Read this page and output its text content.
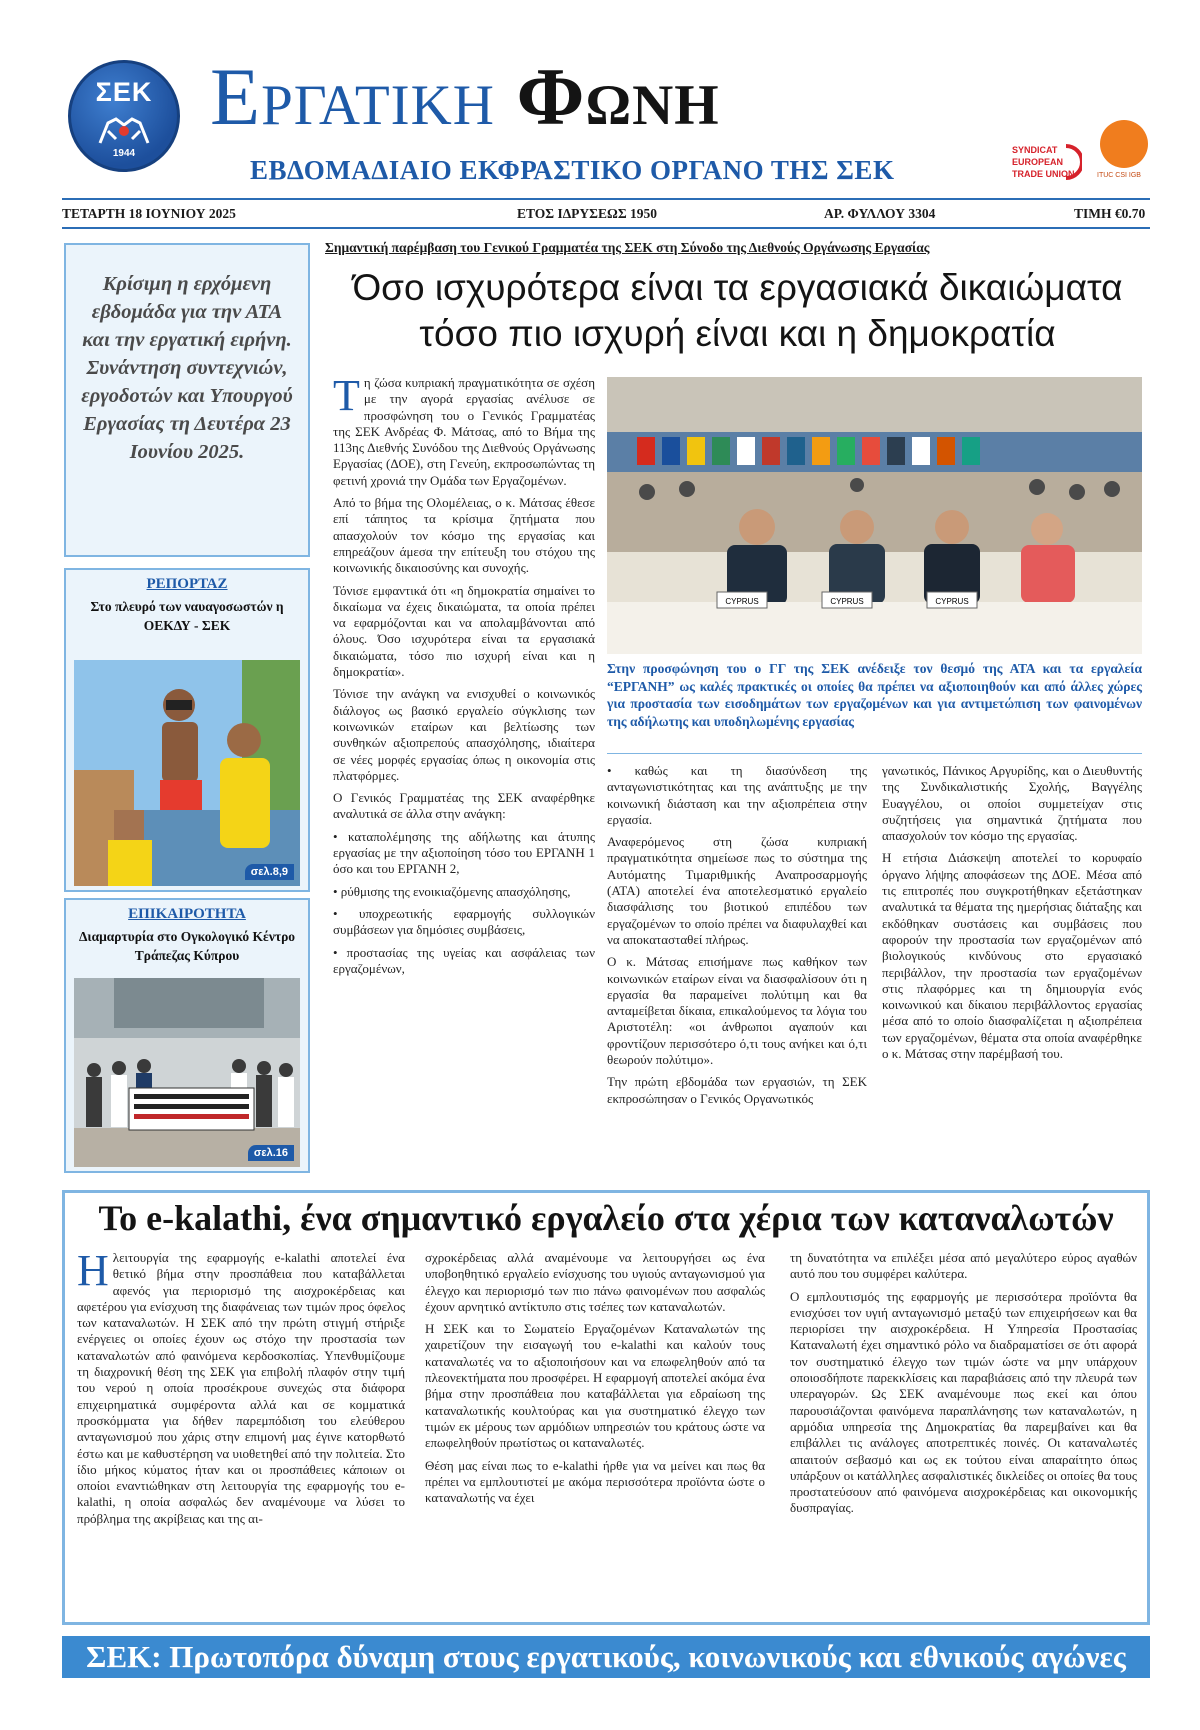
ΣΕΚ
1944
Εργατικη Φωνη
ΕΒΔΟΜΑΔΙΑΙΟ ΕΚΦΡΑΣΤΙΚΟ ΟΡΓΑΝΟ ΤΗΣ ΣΕΚ
SYNDICAT
EUROPEAN
TRADE UNION	ITUC CSI IGB
ΤΕΤΑΡΤΗ 18 ΙΟΥΝΙΟΥ 2025	ΕΤΟΣ ΙΔΡΥΣΕΩΣ 1950	ΑΡ. ΦΥΛΛΟΥ 3304	ΤΙΜΗ €0.70
Κρίσιμη η ερχόμενη εβδομάδα για την ΑΤΑ και την εργατική ειρήνη. Συνάντηση συντεχνιών, εργοδοτών και Υπουργού Εργασίας τη Δευτέρα 23 Ιουνίου 2025.
ΡΕΠΟΡΤΑΖ
Στο πλευρό των ναυαγοσωστών η ΟΕΚΔΥ - ΣΕΚ
σελ.8,9
ΕΠΙΚΑΙΡΟΤΗΤΑ
Διαμαρτυρία στο Ογκολογικό Κέντρο Τράπεζας Κύπρου
σελ.16
Σημαντική παρέμβαση του Γενικού Γραμματέα της ΣΕΚ στη Σύνοδο της Διεθνούς Οργάνωσης Εργασίας
Όσο ισχυρότερα είναι τα εργασιακά δικαιώματα
τόσο πιο ισχυρή είναι και η δημοκρατία

Τη ζώσα κυπριακή πραγματικότητα σε σχέση με την αγορά εργασίας ανέλυσε σε προσφώνηση του ο Γενικός Γραμματέας της ΣΕΚ Ανδρέας Φ. Μάτσας, από το Βήμα της 113ης Διεθνής Συνόδου της Διεθνούς Οργάνωσης Εργασίας (ΔΟΕ), στη Γενεύη, εκπροσωπώντας τη φετινή χρονιά την Ομάδα των Εργαζομένων.

Από το βήμα της Ολομέλειας, ο κ. Μάτσας έθεσε επί τάπητος τα κρίσιμα ζητήματα που απασχολούν τον κόσμο της εργασίας και επηρεάζουν άμεσα την επίτευξη του στόχου της κοινωνικής δικαιοσύνης και συνοχής.

Τόνισε εμφαντικά ότι «η δημοκρατία σημαίνει το δικαίωμα να έχεις δικαιώματα, τα οποία πρέπει να εφαρμόζονται και να απολαμβάνονται από όλους. Όσο ισχυρότερα είναι τα εργασιακά δικαιώματα, τόσο πιο ισχυρή είναι και η δημοκρατία».

Τόνισε την ανάγκη να ενισχυθεί ο κοινωνικός διάλογος ως βασικό εργαλείο σύγκλισης των κοινωνικών εταίρων και βελτίωσης των συνθηκών αξιοπρεπούς απασχόλησης, ιδιαίτερα σε νέες μορφές εργασίας όπως η οικονομία στις πλατφόρμες.

Ο Γενικός Γραμματέας της ΣΕΚ αναφέρθηκε αναλυτικά σε άλλα στην ανάγκη:

• καταπολέμησης της αδήλωτης και άτυπης εργασίας με την αξιοποίηση τόσο του ΕΡΓΑΝΗ 1 όσο και του ΕΡΓΑΝΗ 2,

• ρύθμισης της ενοικιαζόμενης απασχόλησης,

• υποχρεωτικής εφαρμογής συλλογικών συμβάσεων για δημόσιες συμβάσεις,

• προστασίας της υγείας και ασφάλειας των εργαζομένων,

CYPRUS	CYPRUS	CYPRUS
Στην προσφώνηση του ο ΓΓ της ΣΕΚ ανέδειξε τον θεσμό της ΑΤΑ και τα εργαλεία “ΕΡΓΑΝΗ” ως καλές πρακτικές οι οποίες θα πρέπει να αξιοποιηθούν και από άλλες χώρες για προστασία των εισοδημάτων των εργαζομένων και για αντιμετώπιση των φαινομένων της αδήλωτης και υποδηλωμένης εργασίας

• καθώς και τη διασύνδεση της ανταγωνιστικότητας και της ανάπτυξης με την κοινωνική διάσταση και την αξιοπρέπεια στην εργασία.

Αναφερόμενος στη ζώσα κυπριακή πραγματικότητα σημείωσε πως το σύστημα της Αυτόματης Τιμαριθμικής Αναπροσαρμογής (ΑΤΑ) αποτελεί ένα αποτελεσματικό εργαλείο διασφάλισης του βιοτικού επιπέδου των εργαζομένων το οποίο πρέπει να διαφυλαχθεί και να αποκατασταθεί πλήρως.

Ο κ. Μάτσας επισήμανε πως καθήκον των κοινωνικών εταίρων είναι να διασφαλίσουν ότι η εργασία θα παραμείνει πολύτιμη και θα ανταμείβεται δίκαια, επικαλούμενος τα λόγια του Αριστοτέλη: «οι άνθρωποι αγαπούν και φροντίζουν περισσότερο ό,τι τους ανήκει και ό,τι θεωρούν πολύτιμο».

Την πρώτη εβδομάδα των εργασιών, τη ΣΕΚ εκπροσώπησαν ο Γενικός Οργανωτικός

γανωτικός, Πάνικος Αργυρίδης, και ο Διευθυντής της Συνδικαλιστικής Σχολής, Βαγγέλης Ευαγγέλου, οι οποίοι συμμετείχαν στις συζητήσεις για σημαντικά ζητήματα που απασχολούν τον κόσμο της εργασίας.

Η ετήσια Διάσκεψη αποτελεί το κορυφαίο όργανο λήψης αποφάσεων της ΔΟΕ. Μέσα από τις επιτροπές που συγκροτήθηκαν εξετάστηκαν αναλυτικά τα θέματα της ημερήσιας διάταξης και εκδόθηκαν συστάσεις και συμβάσεις που αφορούν την προστασία των εργαζομένων από βιολογικούς κινδύνους στο εργασιακό περιβάλλον, την προστασία των εργαζομένων στις πλαφόρμες και τη δημιουργία ενός κοινωνικού και δίκαιου περιβάλλοντος εργασίας μέσα από το οποίο διασφαλίζεται η αξιοπρέπεια των εργαζομένων, θέματα στα οποία αναφέρθηκε ο κ. Μάτσας στην παρέμβασή του.

Το e-kalathi, ένα σημαντικό εργαλείο στα χέρια των καταναλωτών

Ηλειτουργία της εφαρμογής e-kalathi αποτελεί ένα θετικό βήμα στην προσπάθεια που καταβάλλεται αφενός για περιορισμό της αισχροκέρδειας και αφετέρου για ενίσχυση της διαφάνειας των τιμών προς όφελος των καταναλωτών. Η ΣΕΚ από την πρώτη στιγμή στήριξε ενέργειες οι οποίες έχουν ως στόχο την προστασία των καταναλωτών από φαινόμενα κερδοσκοπίας. Υπενθυμίζουμε τη διαχρονική θέση της ΣΕΚ για επιβολή πλαφόν στην τιμή του νερού η οποία προσέκρουε συνεχώς στα διάφορα επιχειρηματικά συμφέροντα αλλά και σε κομματικά προσκόμματα για δήθεν παρεμπόδιση του ελεύθερου ανταγωνισμού που χάρις στην επιμονή μας έγινε κατορθωτό έστω και με καθυστέρηση να υιοθετηθεί από την πολιτεία. Στο ίδιο μήκος κύματος ήταν και οι προσπάθειες κάποιων οι οποίοι εναντιώθηκαν στη λειτουργία της εφαρμογής του e-kalathi, η οποία ασφαλώς δεν αναμένουμε να λύσει το πρόβλημα της ακρίβειας και της αι-

σχροκέρδειας αλλά αναμένουμε να λειτουργήσει ως ένα υποβοηθητικό εργαλείο ενίσχυσης του υγιούς ανταγωνισμού για έλεγχο και περιορισμό των πιο πάνω φαινομένων που ασφαλώς έχουν αρνητικό αντίκτυπο στις τσέπες των καταναλωτών.

Η ΣΕΚ και το Σωματείο Εργαζομένων Καταναλωτών της χαιρετίζουν την εισαγωγή του e-kalathi και καλούν τους καταναλωτές να το αξιοποιήσουν και να επωφεληθούν από τα πλεονεκτήματα που προσφέρει. Η εφαρμογή αποτελεί ακόμα ένα βήμα στην προσπάθεια που καταβάλλεται για εδραίωση της καταναλωτικής κουλτούρας και για συστηματικό έλεγχο των τιμών εκ μέρους των αρμόδιων υπηρεσιών του κράτους ώστε να επωφεληθούν πρωτίστως οι καταναλωτές.

Θέση μας είναι πως το e-kalathi ήρθε για να μείνει και πως θα πρέπει να εμπλουτιστεί με ακόμα περισσότερα προϊόντα ώστε ο καταναλωτής να έχει

τη δυνατότητα να επιλέξει μέσα από μεγαλύτερο εύρος αγαθών αυτό που του συμφέρει καλύτερα.

Ο εμπλουτισμός της εφαρμογής με περισσότερα προϊόντα θα ενισχύσει τον υγιή ανταγωνισμό μεταξύ των επιχειρήσεων και θα περιορίσει την αισχροκέρδεια. Η Υπηρεσία Προστασίας Καταναλωτή έχει σημαντικό ρόλο να διαδραματίσει σε ότι αφορά τον συστηματικό έλεγχο των τιμών ώστε να μην υπάρχουν οποιοσδήποτε παρεκκλίσεις και παραβιάσεις από την πλευρά των υπεραγορών. Ως ΣΕΚ αναμένουμε πως εκεί και όπου παρουσιάζονται φαινόμενα παραπλάνησης των καταναλωτών, η αρμόδια υπηρεσία της Δημοκρατίας θα παρεμβαίνει και θα επιβάλλει τις ανάλογες αποτρεπτικές ποινές. Οι καταναλωτές απαιτούν σεβασμό και ως εκ τούτου είναι απαραίτητο όπως υπάρξουν οι κατάλληλες ασφαλιστικές δικλείδες οι οποίες θα τους προστατεύσουν από φαινόμενα αισχροκέρδειας και οικονομικής δυσπραγίας.

ΣΕΚ: Πρωτοπόρα δύναμη στους εργατικούς, κοινωνικούς και εθνικούς αγώνες
